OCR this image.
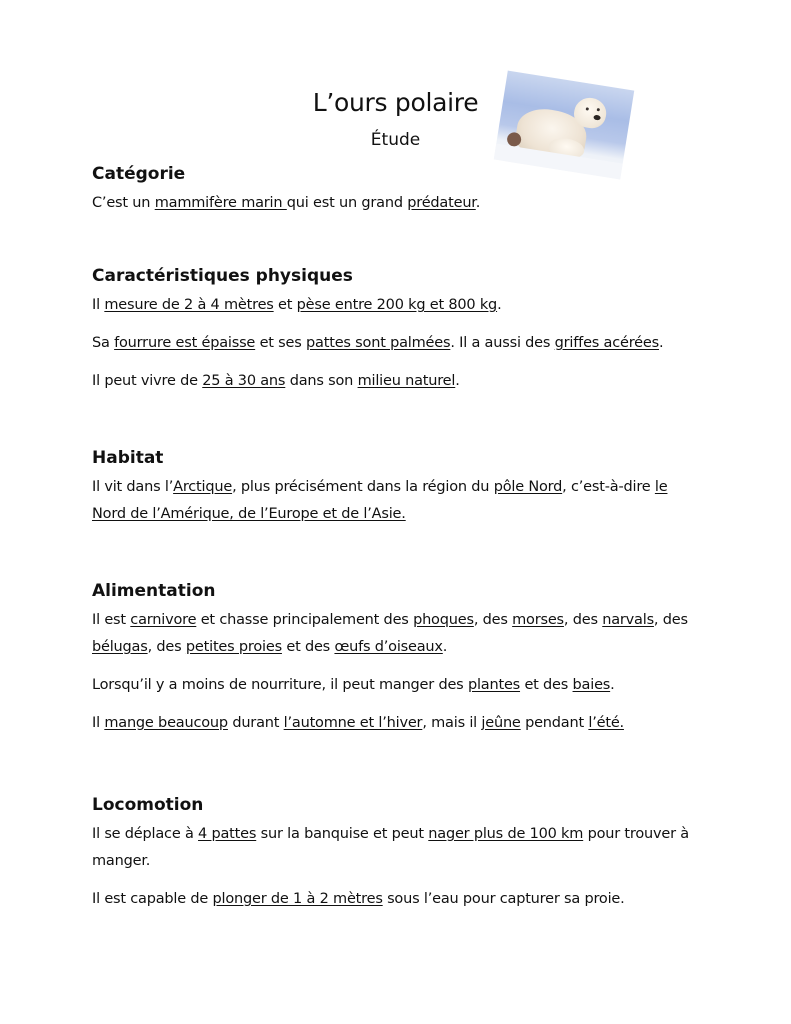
L’ours polaire
Étude
Catégorie

C’est un mammifère marin qui est un grand prédateur.

Caractéristiques physiques

Il mesure de 2 à 4 mètres et pèse entre 200 kg et 800 kg.

Sa fourrure est épaisse et ses pattes sont palmées. Il a aussi des griffes acérées.

Il peut vivre de 25 à 30 ans dans son milieu naturel.

Habitat

Il vit dans l’Arctique, plus précisément dans la région du pôle Nord, c’est-à-dire le Nord de l’Amérique, de l’Europe et de l’Asie.

Alimentation

Il est carnivore et chasse principalement des phoques, des morses, des narvals, des bélugas, des petites proies et des œufs d’oiseaux.

Lorsqu’il y a moins de nourriture, il peut manger des plantes et des baies.

Il mange beaucoup durant l’automne et l’hiver, mais il jeûne pendant l’été.

Locomotion

Il se déplace à 4 pattes sur la banquise et peut nager plus de 100 km pour trouver à manger.

Il est capable de plonger de 1 à 2 mètres sous l’eau pour capturer sa proie.
